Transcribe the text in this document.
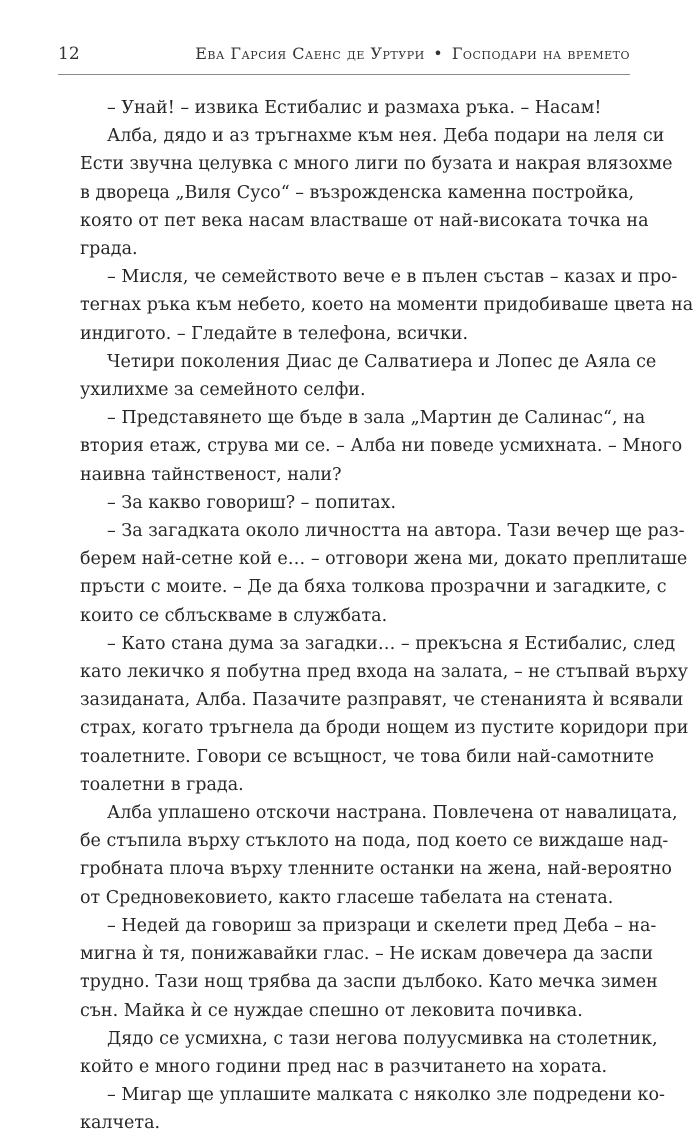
12	Ева Гарсия Саенс де Уртури • Господари на времето
– Унай! – извика Естибалис и размаха ръка. – Насам!
Алба, дядо и аз тръгнахме към нея. Деба подари на леля си
Ести звучна целувка с много лиги по бузата и накрая влязохме
в двореца „Виля Сусо“ – възрожденска каменна постройка,
която от пет века насам властваше от най-високата точка на
града.
– Мисля, че семейството вече е в пълен състав – казах и про-
тегнах ръка към небето, което на моменти придобиваше цвета на
индигото. – Гледайте в телефона, всички.
Четири поколения Диас де Салватиера и Лопес де Аяла се
ухилихме за семейното селфи.
– Представянето ще бъде в зала „Мартин де Салинас“, на
втория етаж, струва ми се. – Алба ни поведе усмихната. – Много
наивна тайнственост, нали?
– За какво говориш? – попитах.
– За загадката около личността на автора. Тази вечер ще раз-
берем най-сетне кой е… – отговори жена ми, докато преплиташе
пръсти с моите. – Де да бяха толкова прозрачни и загадките, с
които се сблъскваме в службата.
– Като стана дума за загадки… – прекъсна я Естибалис, след
като лекичко я побутна пред входа на залата, – не стъпвай върху
зазиданата, Алба. Пазачите разправят, че стенанията ѝ всявали
страх, когато тръгнела да броди нощем из пустите коридори при
тоалетните. Говори се всъщност, че това били най-самотните
тоалетни в града.
Алба уплашено отскочи настрана. Повлечена от навалицата,
бе стъпила върху стъклото на пода, под което се виждаше над-
гробната плоча върху тленните останки на жена, най-вероятно
от Средновековието, както гласеше табелата на стената.
– Недей да говориш за призраци и скелети пред Деба – на-
мигна ѝ тя, понижавайки глас. – Не искам довечера да заспи
трудно. Тази нощ трябва да заспи дълбоко. Като мечка зимен
сън. Майка ѝ се нуждае спешно от лековита почивка.
Дядо се усмихна, с тази негова полуусмивка на столетник,
който е много години пред нас в разчитането на хората.
– Мигар ще уплашите малката с няколко зле подредени ко-
калчета.
